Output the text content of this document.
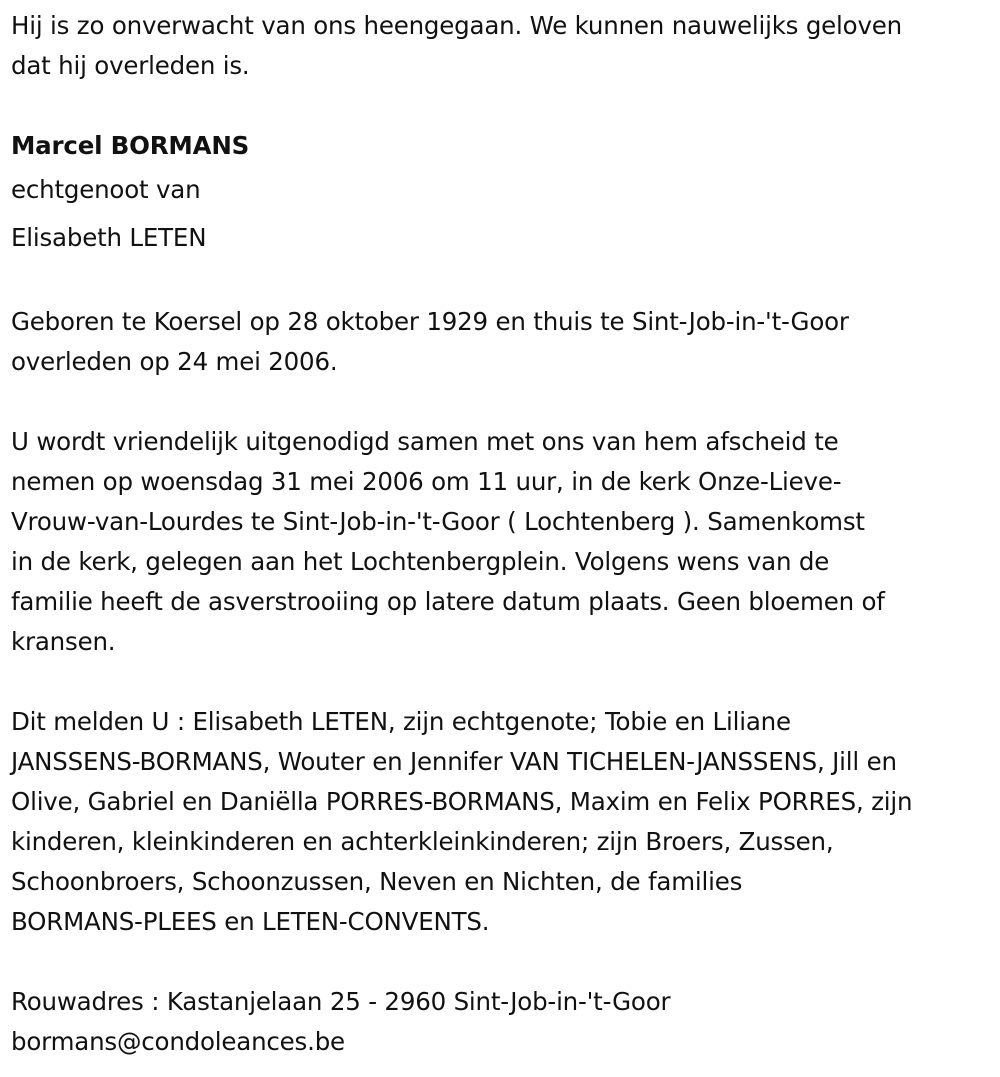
Hij is zo onverwacht van ons heengegaan. We kunnen nauwelijks geloven
dat hij overleden is.
Marcel BORMANS
echtgenoot van
Elisabeth LETEN
Geboren te Koersel op 28 oktober 1929 en thuis te Sint-Job-in-'t-Goor
overleden op 24 mei 2006.
U wordt vriendelijk uitgenodigd samen met ons van hem afscheid te
nemen op woensdag 31 mei 2006 om 11 uur, in de kerk Onze-Lieve-
Vrouw-van-Lourdes te Sint-Job-in-'t-Goor ( Lochtenberg ). Samenkomst
in de kerk, gelegen aan het Lochtenbergplein. Volgens wens van de
familie heeft de asverstrooiing op latere datum plaats. Geen bloemen of
kransen.
Dit melden U : Elisabeth LETEN, zijn echtgenote; Tobie en Liliane
JANSSENS-BORMANS, Wouter en Jennifer VAN TICHELEN-JANSSENS, Jill en
Olive, Gabriel en Daniëlla PORRES-BORMANS, Maxim en Felix PORRES, zijn
kinderen, kleinkinderen en achterkleinkinderen; zijn Broers, Zussen,
Schoonbroers, Schoonzussen, Neven en Nichten, de families
BORMANS-PLEES en LETEN-CONVENTS.
Rouwadres : Kastanjelaan 25 - 2960 Sint-Job-in-'t-Goor
bormans@condoleances.be
